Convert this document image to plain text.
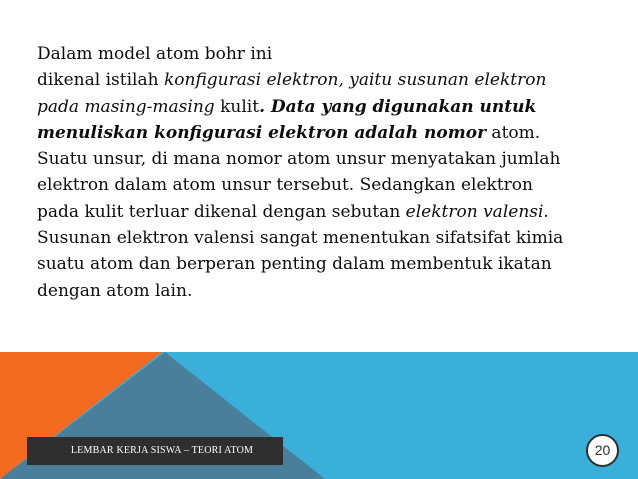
Dalam model atom bohr ini
dikenal istilah konfigurasi elektron, yaitu susunan elektron
pada masing-masing kulit. Data yang digunakan untuk
menuliskan konfigurasi elektron adalah nomor atom.
Suatu unsur, di mana nomor atom unsur menyatakan jumlah
elektron dalam atom unsur tersebut. Sedangkan elektron
pada kulit terluar dikenal dengan sebutan elektron valensi.
Susunan elektron valensi sangat menentukan sifatsifat kimia
suatu atom dan berperan penting dalam membentuk ikatan
dengan atom lain.

LEMBAR KERJA SISWA – TEORI ATOM	20
